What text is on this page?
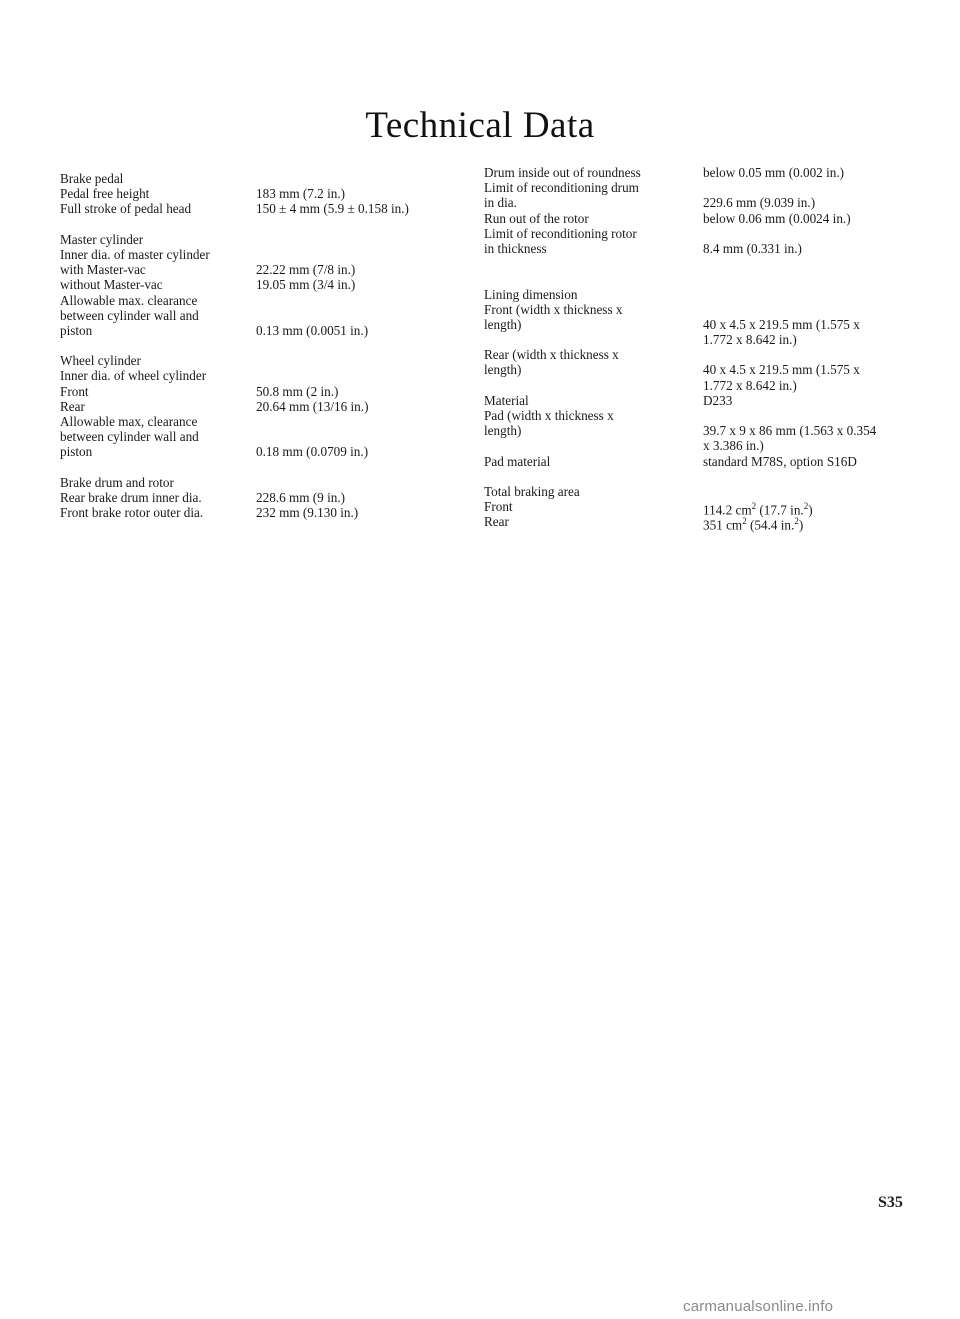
Technical Data
Brake pedal
Pedal free height
Full stroke of pedal head
Master cylinder
Inner dia. of master cylinder
with Master-vac
without Master-vac
Allowable max. clearance
between cylinder wall and
piston
Wheel cylinder
Inner dia. of wheel cylinder
Front
Rear
Allowable max, clearance
between cylinder wall and
piston
Brake drum and rotor
Rear brake drum inner dia.
Front brake rotor outer dia.
183 mm (7.2 in.)
150 ± 4 mm (5.9 ± 0.158 in.)
22.22 mm (7/8 in.)
19.05 mm (3/4 in.)
0.13 mm (0.0051 in.)
50.8 mm (2 in.)
20.64 mm (13/16 in.)
0.18 mm (0.0709 in.)
228.6 mm (9 in.)
232 mm (9.130 in.)
Drum inside out of roundness
Limit of reconditioning drum
in dia.
Run out of the rotor
Limit of reconditioning rotor
in thickness
Lining dimension
Front (width x thickness x
length)
Rear (width x thickness x
length)
Material
Pad (width x thickness x
length)
Pad material
Total braking area
Front
Rear
below 0.05 mm (0.002 in.)
229.6 mm (9.039 in.)
below 0.06 mm (0.0024 in.)
8.4 mm (0.331 in.)
40 x 4.5 x 219.5 mm (1.575 x
1.772 x 8.642 in.)
40 x 4.5 x 219.5 mm (1.575 x
1.772 x 8.642 in.)
D233
39.7 x 9 x 86 mm (1.563 x 0.354
x 3.386 in.)
standard M78S, option S16D
114.2 $cm^2$ (17.7 in.$^2$)
351 $cm^2$ (54.4 in.$^2$)
S35
carmanualsonline.info
